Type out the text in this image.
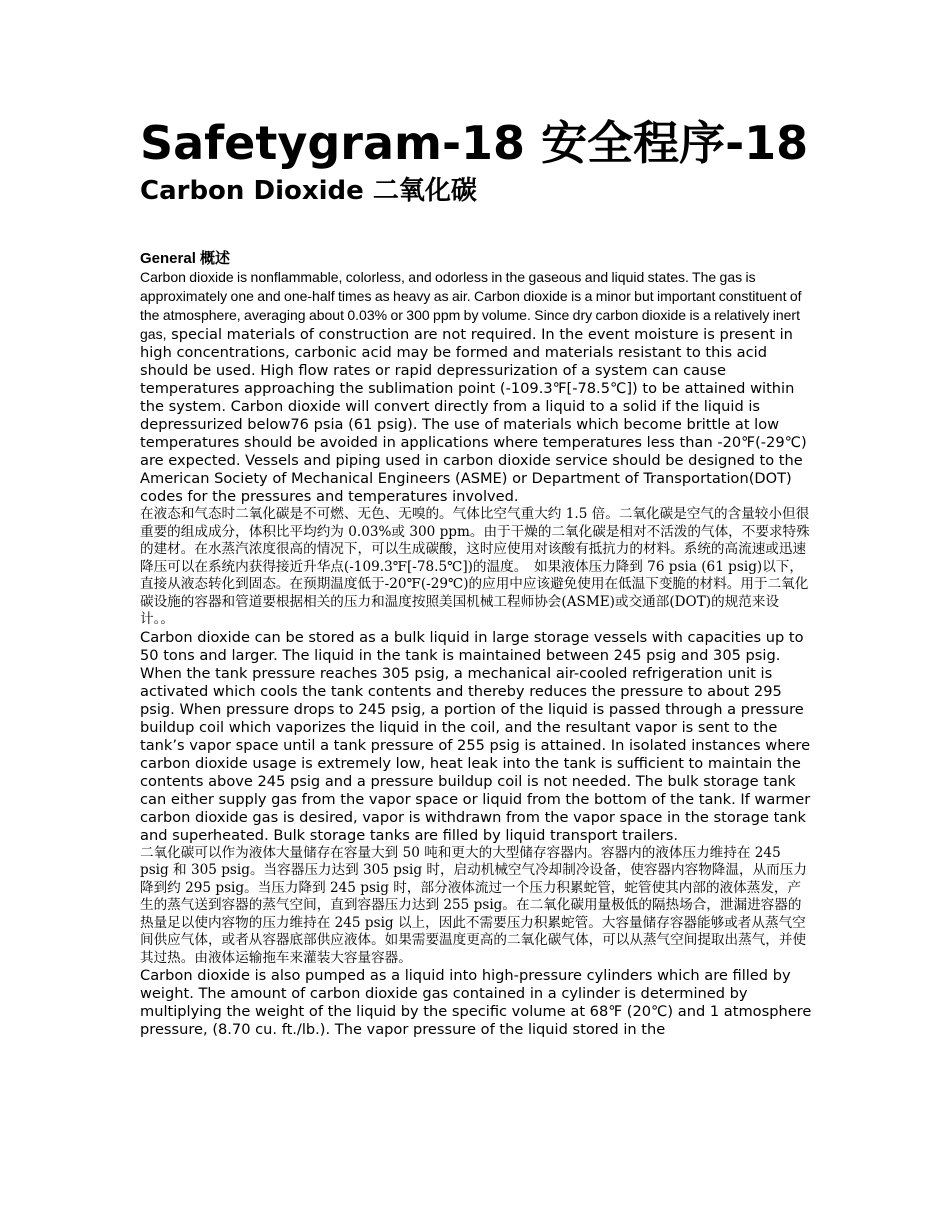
Safetygram-18 安全程序-18
Carbon Dioxide 二氧化碳
General 概述

Carbon dioxide is nonflammable, colorless, and odorless in the gaseous and liquid states. The gas is approximately one and one-half times as heavy as air. Carbon dioxide is a minor but important constituent of the atmosphere, averaging about 0.03% or 300 ppm by volume. Since dry carbon dioxide is a relatively inert gas, special materials of construction are not required. In the event moisture is present in high concentrations, carbonic acid may be formed and materials resistant to this acid should be used. High flow rates or rapid depressurization of a system can cause temperatures approaching the sublimation point (-109.3℉[-78.5℃]) to be attained within the system. Carbon dioxide will convert directly from a liquid to a solid if the liquid is depressurized below76 psia (61 psig). The use of materials which become brittle at low temperatures should be avoided in applications where temperatures less than -20℉(-29℃) are expected. Vessels and piping used in carbon dioxide service should be designed to the American Society of Mechanical Engineers (ASME) or Department of Transportation(DOT) codes for the pressures and temperatures involved.

在液态和气态时二氧化碳是不可燃、无色、无嗅的。气体比空气重大约 1.5 倍。二氧化碳是空气的含量较小但很重要的组成成分，体积比平均约为 0.03%或 300 ppm。由于干燥的二氧化碳是相对不活泼的气体，不要求特殊的建材。在水蒸汽浓度很高的情况下，可以生成碳酸，这时应使用对该酸有抵抗力的材料。系统的高流速或迅速降压可以在系统内获得接近升华点(-109.3℉[-78.5℃])的温度。　如果液体压力降到 76 psia (61 psig)以下，直接从液态转化到固态。在预期温度低于-20℉(-29℃)的应用中应该避免使用在低温下变脆的材料。用于二氧化碳设施的容器和管道要根据相关的压力和温度按照美国机械工程师协会(ASME)或交通部(DOT)的规范来设计。。

Carbon dioxide can be stored as a bulk liquid in large storage vessels with capacities up to 50 tons and larger. The liquid in the tank is maintained between 245 psig and 305 psig. When the tank pressure reaches 305 psig, a mechanical air-cooled refrigeration unit is activated which cools the tank contents and thereby reduces the pressure to about 295 psig. When pressure drops to 245 psig, a portion of the liquid is passed through a pressure buildup coil which vaporizes the liquid in the coil, and the resultant vapor is sent to the tank’s vapor space until a tank pressure of 255 psig is attained. In isolated instances where carbon dioxide usage is extremely low, heat leak into the tank is sufficient to maintain the contents above 245 psig and a pressure buildup coil is not needed. The bulk storage tank can either supply gas from the vapor space or liquid from the bottom of the tank. If warmer carbon dioxide gas is desired, vapor is withdrawn from the vapor space in the storage tank and superheated. Bulk storage tanks are filled by liquid transport trailers.

二氧化碳可以作为液体大量储存在容量大到 50 吨和更大的大型储存容器内。容器内的液体压力维持在 245 psig 和 305 psig。当容器压力达到 305 psig 时，启动机械空气冷却制冷设备，使容器内容物降温，从而压力降到约 295 psig。当压力降到 245 psig 时，部分液体流过一个压力积累蛇管，蛇管使其内部的液体蒸发，产生的蒸气送到容器的蒸气空间，直到容器压力达到 255 psig。在二氧化碳用量极低的隔热场合，泄漏进容器的热量足以使内容物的压力维持在 245 psig 以上，因此不需要压力积累蛇管。大容量储存容器能够或者从蒸气空间供应气体，或者从容器底部供应液体。如果需要温度更高的二氧化碳气体，可以从蒸气空间提取出蒸气，并使其过热。由液体运输拖车来灌装大容量容器。

Carbon dioxide is also pumped as a liquid into high-pressure cylinders which are filled by weight. The amount of carbon dioxide gas contained in a cylinder is determined by multiplying the weight of the liquid by the specific volume at 68℉ (20℃) and 1 atmosphere pressure, (8.70 cu. ft./lb.). The vapor pressure of the liquid stored in the
